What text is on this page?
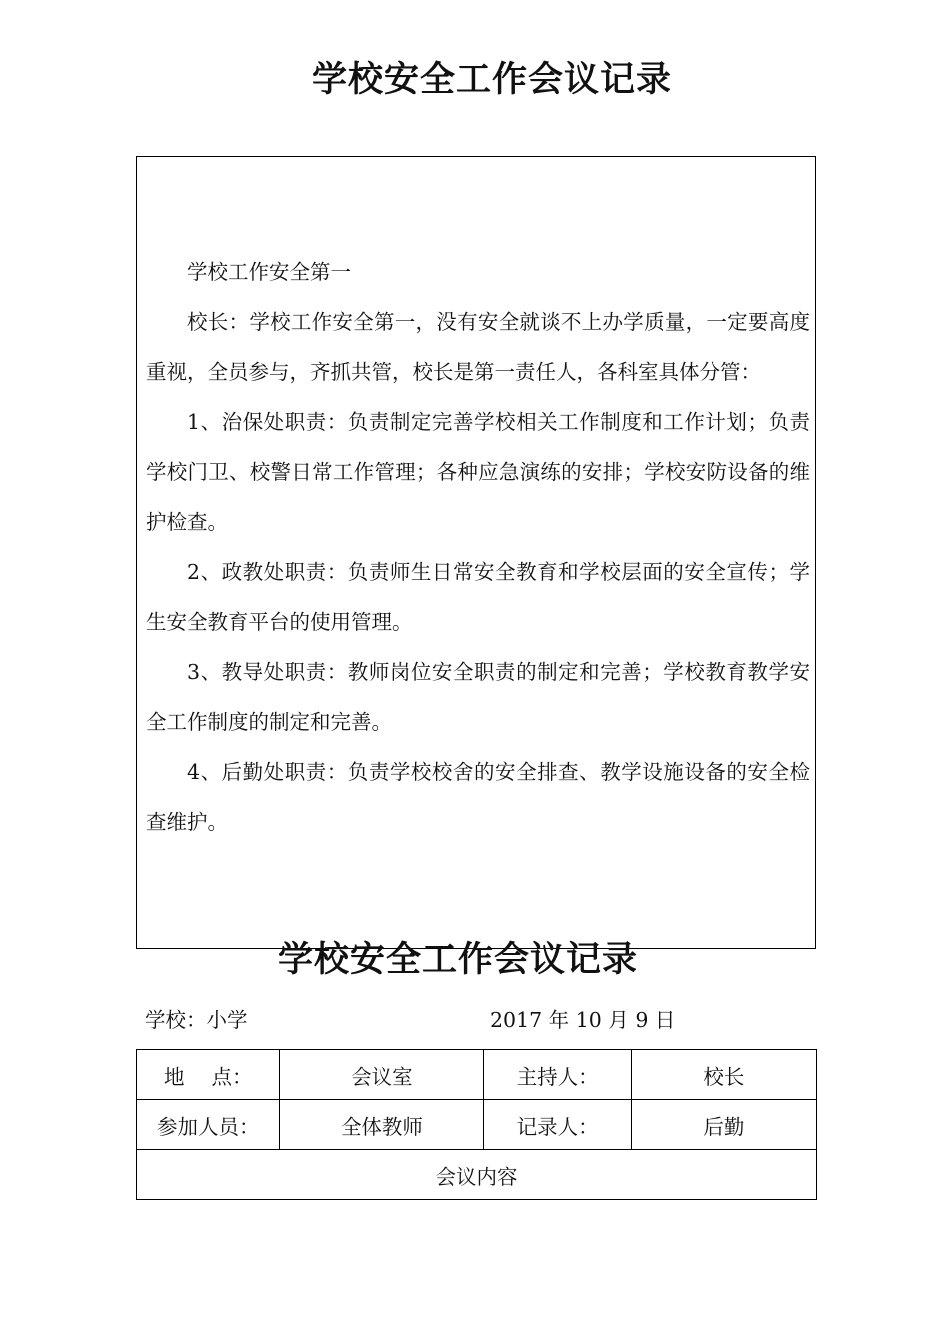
学校安全工作会议记录

学校工作安全第一

校长：学校工作安全第一，没有安全就谈不上办学质量，一定要高度重视，全员参与，齐抓共管，校长是第一责任人，各科室具体分管：

1、治保处职责：负责制定完善学校相关工作制度和工作计划；负责学校门卫、校警日常工作管理；各种应急演练的安排；学校安防设备的维护检查。

2、政教处职责：负责师生日常安全教育和学校层面的安全宣传；学生安全教育平台的使用管理。

3、教导处职责：教师岗位安全职责的制定和完善；学校教育教学安全工作制度的制定和完善。

4、后勤处职责：负责学校校舍的安全排查、教学设施设备的安全检查维护。

学校安全工作会议记录
学校：小学	2017 年 10 月 9 日
地　 点：	会议室	主持人：	校长
参加人员：	全体教师	记录人：	后勤
会议内容			
